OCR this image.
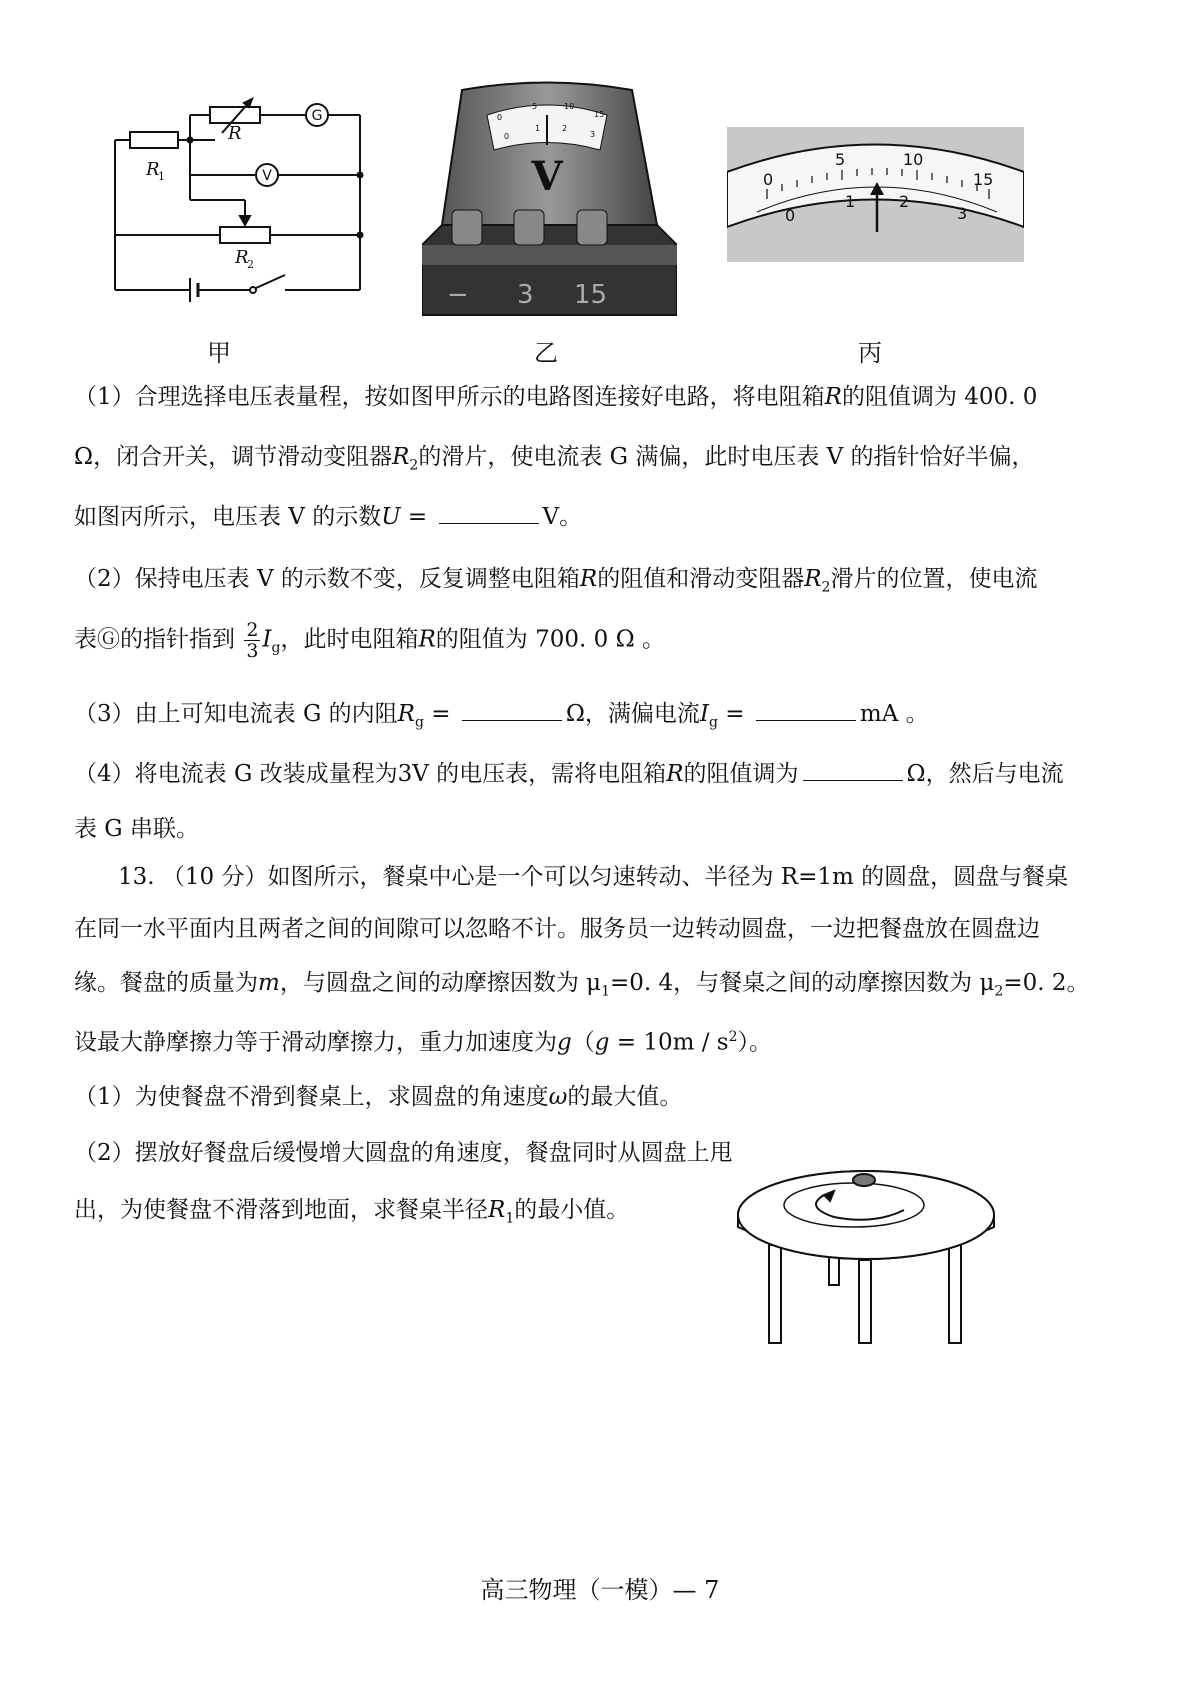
R
R
1
R
2
G
V
甲
0
5	10
15
0
1	2
3
V
− 3 15
乙
0
5	10
15
0
1	2
3
丙
（1）合理选择电压表量程，按如图甲所示的电路图连接好电路，将电阻箱R的阻值调为 400. 0
Ω，闭合开关，调节滑动变阻器$R_2$的滑片，使电流表 G 满偏，此时电压表 V 的指针恰好半偏，
如图丙所示，电压表 V 的示数U =	V。
（2）保持电压表 V 的示数不变，反复调整电阻箱R的阻值和滑动变阻器$R_2$滑片的位置，使电流
表Ⓖ的指针指到 $\frac{2}{3} I_g$，此时电阻箱R的阻值为 700. 0 Ω 。
（3）由上可知电流表 G 的内阻$R_g$ =	Ω，满偏电流$I_g$ =	mA 。
（4）将电流表 G 改装成量程为3V 的电压表，需将电阻箱R的阻值调为	Ω，然后与电流
表 G 串联。
13. （10 分）如图所示，餐桌中心是一个可以匀速转动、半径为 R=1m 的圆盘，圆盘与餐桌
在同一水平面内且两者之间的间隙可以忽略不计。服务员一边转动圆盘，一边把餐盘放在圆盘边
缘。餐盘的质量为m，与圆盘之间的动摩擦因数为 $\mu_1=0$. 4，与餐桌之间的动摩擦因数为 $\mu_2=0$. 2。
设最大静摩擦力等于滑动摩擦力，重力加速度为$g(g = 10m / s^2)$。
（1）为使餐盘不滑到餐桌上，求圆盘的角速度ω的最大值。
（2）摆放好餐盘后缓慢增大圆盘的角速度，餐盘同时从圆盘上甩
出，为使餐盘不滑落到地面，求餐桌半径$R_1$的最小值。
高三物理（一模）— 7
